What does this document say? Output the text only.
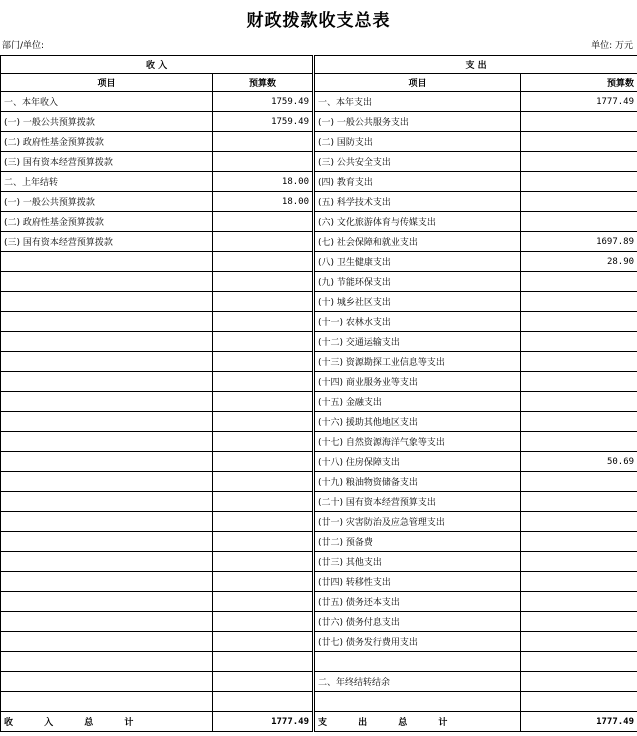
财政拨款收支总表
部门/单位:	单位: 万元
收 入			支 出	
项目	预算数		项目	预算数
一、本年收入	1759.49		一、本年支出	1777.49
(一) 一般公共预算拨款	1759.49		(一) 一般公共服务支出	
(二) 政府性基金预算拨款			(二) 国防支出	
(三) 国有资本经营预算拨款			(三) 公共安全支出	
二、上年结转	18.00		(四) 教育支出	
(一) 一般公共预算拨款	18.00		(五) 科学技术支出	
(二) 政府性基金预算拨款			(六) 文化旅游体育与传媒支出	
(三) 国有资本经营预算拨款			(七) 社会保障和就业支出	1697.89
			(八) 卫生健康支出	28.90
			(九) 节能环保支出	
			(十) 城乡社区支出	
			(十一) 农林水支出	
			(十二) 交通运输支出	
			(十三) 资源勘探工业信息等支出	
			(十四) 商业服务业等支出	
			(十五) 金融支出	
			(十六) 援助其他地区支出	
			(十七) 自然资源海洋气象等支出	
			(十八) 住房保障支出	50.69
			(十九) 粮油物资储备支出	
			(二十) 国有资本经营预算支出	
			(廿一) 灾害防治及应急管理支出	
			(廿二) 预备费	
			(廿三) 其他支出	
			(廿四) 转移性支出	
			(廿五) 债务还本支出	
			(廿六) 债务付息支出	
			(廿七) 债务发行费用支出	

			二、年终结转结余	

收 入 总 计	1777.49		支 出 总 计	1777.49
